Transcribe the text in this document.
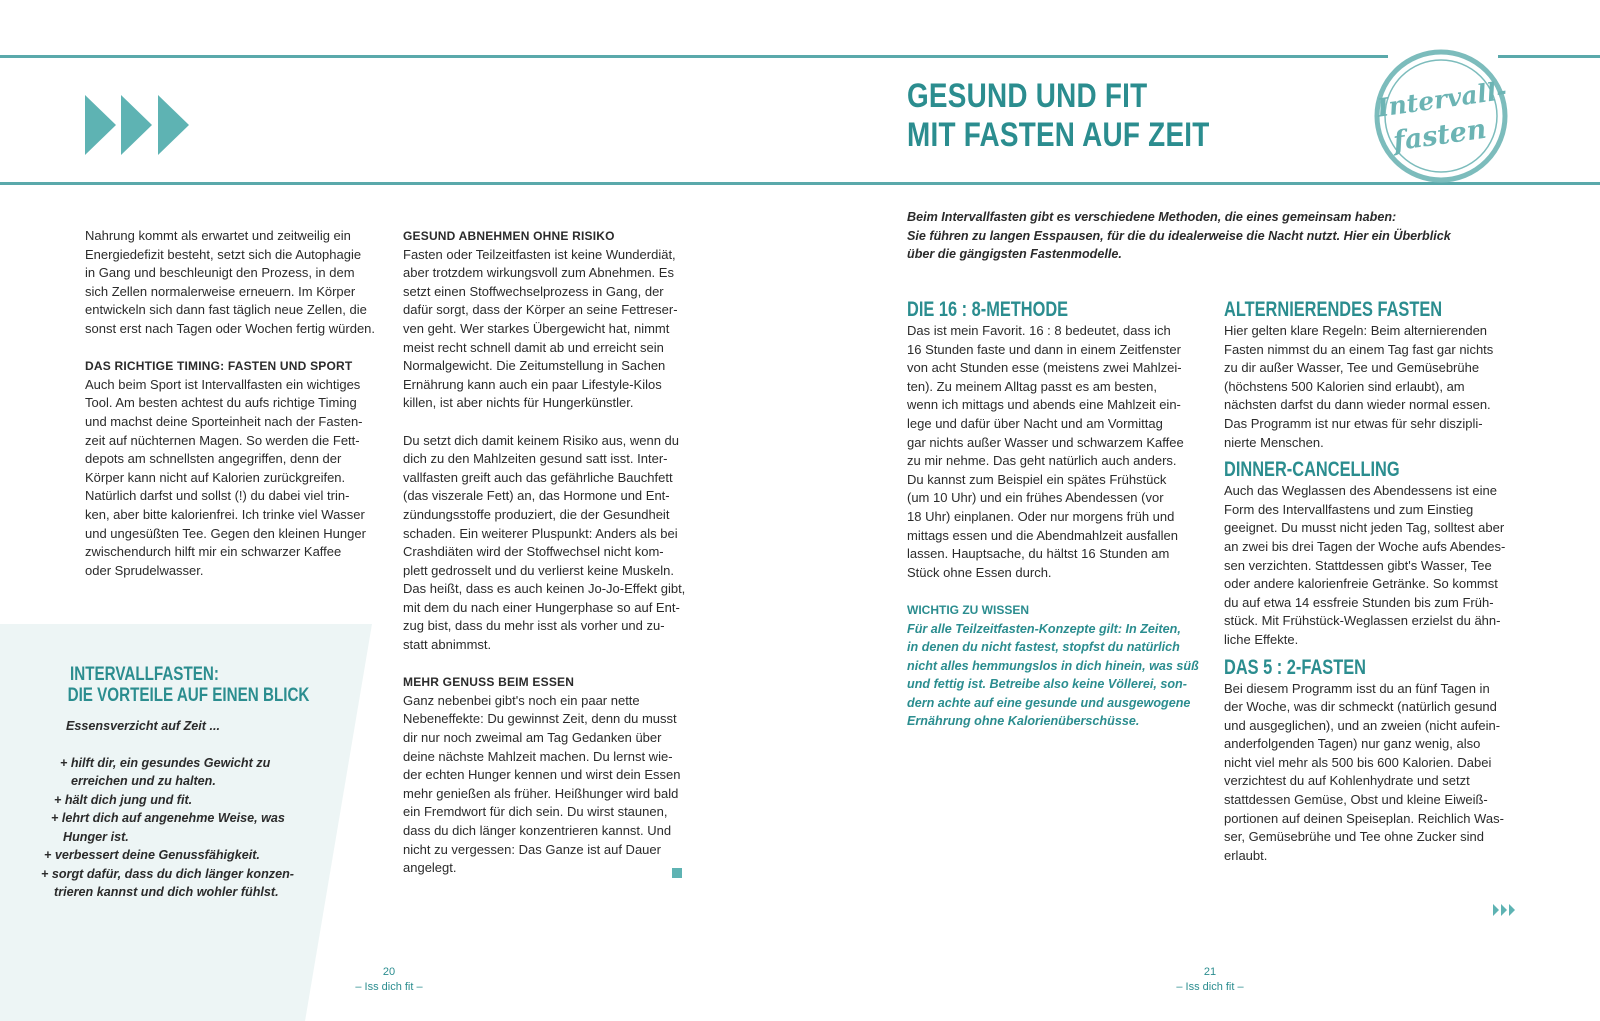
GESUND UND FIT
MIT FASTEN AUF ZEIT
Intervall-
fasten

Nahrung kommt als erwartet und zeitweilig ein
Energiedefizit besteht, setzt sich die Autophagie
in Gang und beschleunigt den Prozess, in dem
sich Zellen normalerweise erneuern. Im Körper
entwickeln sich dann fast täglich neue Zellen, die
sonst erst nach Tagen oder Wochen fertig würden.

DAS RICHTIGE TIMING: FASTEN UND SPORT

Auch beim Sport ist Intervallfasten ein wichtiges
Tool. Am besten achtest du aufs richtige Timing
und machst deine Sporteinheit nach der Fasten-
zeit auf nüchternen Magen. So werden die Fett-
depots am schnellsten angegriffen, denn der
Körper kann nicht auf Kalorien zurückgreifen.
Natürlich darfst und sollst (!) du dabei viel trin-
ken, aber bitte kalorienfrei. Ich trinke viel Wasser
und ungesüßten Tee. Gegen den kleinen Hunger
zwischendurch hilft mir ein schwarzer Kaffee
oder Sprudelwasser.

INTERVALLFASTEN:
DIE VORTEILE AUF EINEN BLICK
Essensverzicht auf Zeit ...
+ hilft dir, ein gesundes Gewicht zu
erreichen und zu halten.
+ hält dich jung und fit.
+ lehrt dich auf angenehme Weise, was
Hunger ist.
+ verbessert deine Genussfähigkeit.
+ sorgt dafür, dass du dich länger konzen-
trieren kannst und dich wohler fühlst.

GESUND ABNEHMEN OHNE RISIKO

Fasten oder Teilzeitfasten ist keine Wunderdiät,
aber trotzdem wirkungsvoll zum Abnehmen. Es
setzt einen Stoffwechselprozess in Gang, der
dafür sorgt, dass der Körper an seine Fettreser-
ven geht. Wer starkes Übergewicht hat, nimmt
meist recht schnell damit ab und erreicht sein
Normalgewicht. Die Zeitumstellung in Sachen
Ernährung kann auch ein paar Lifestyle-Kilos
killen, ist aber nichts für Hungerkünstler.

Du setzt dich damit keinem Risiko aus, wenn du
dich zu den Mahlzeiten gesund satt isst. Inter-
vallfasten greift auch das gefährliche Bauchfett
(das viszerale Fett) an, das Hormone und Ent-
zündungsstoffe produziert, die der Gesundheit
schaden. Ein weiterer Pluspunkt: Anders als bei
Crashdiäten wird der Stoffwechsel nicht kom-
plett gedrosselt und du verlierst keine Muskeln.
Das heißt, dass es auch keinen Jo-Jo-Effekt gibt,
mit dem du nach einer Hungerphase so auf Ent-
zug bist, dass du mehr isst als vorher und zu-
statt abnimmst.

MEHR GENUSS BEIM ESSEN

Ganz nebenbei gibt's noch ein paar nette
Nebeneffekte: Du gewinnst Zeit, denn du musst
dir nur noch zweimal am Tag Gedanken über
deine nächste Mahlzeit machen. Du lernst wie-
der echten Hunger kennen und wirst dein Essen
mehr genießen als früher. Heißhunger wird bald
ein Fremdwort für dich sein. Du wirst staunen,
dass du dich länger konzentrieren kannst. Und
nicht zu vergessen: Das Ganze ist auf Dauer
angelegt.

Beim Intervallfasten gibt es verschiedene Methoden, die eines gemeinsam haben:
Sie führen zu langen Esspausen, für die du idealerweise die Nacht nutzt. Hier ein Überblick
über die gängigsten Fastenmodelle.

DIE 16 : 8-METHODE

Das ist mein Favorit. 16 : 8 bedeutet, dass ich
16 Stunden faste und dann in einem Zeitfenster
von acht Stunden esse (meistens zwei Mahlzei-
ten). Zu meinem Alltag passt es am besten,
wenn ich mittags und abends eine Mahlzeit ein-
lege und dafür über Nacht und am Vormittag
gar nichts außer Wasser und schwarzem Kaffee
zu mir nehme. Das geht natürlich auch anders.
Du kannst zum Beispiel ein spätes Frühstück
(um 10 Uhr) und ein frühes Abendessen (vor
18 Uhr) einplanen. Oder nur morgens früh und
mittags essen und die Abendmahlzeit ausfallen
lassen. Hauptsache, du hältst 16 Stunden am
Stück ohne Essen durch.

WICHTIG ZU WISSEN

Für alle Teilzeitfasten-Konzepte gilt: In Zeiten,
in denen du nicht fastest, stopfst du natürlich
nicht alles hemmungslos in dich hinein, was süß
und fettig ist. Betreibe also keine Völlerei, son-
dern achte auf eine gesunde und ausgewogene
Ernährung ohne Kalorienüberschüsse.

ALTERNIERENDES FASTEN

Hier gelten klare Regeln: Beim alternierenden
Fasten nimmst du an einem Tag fast gar nichts
zu dir außer Wasser, Tee und Gemüsebrühe
(höchstens 500 Kalorien sind erlaubt), am
nächsten darfst du dann wieder normal essen.
Das Programm ist nur etwas für sehr diszipli-
nierte Menschen.

DINNER-CANCELLING

Auch das Weglassen des Abendessens ist eine
Form des Intervallfastens und zum Einstieg
geeignet. Du musst nicht jeden Tag, solltest aber
an zwei bis drei Tagen der Woche aufs Abendes-
sen verzichten. Stattdessen gibt's Wasser, Tee
oder andere kalorienfreie Getränke. So kommst
du auf etwa 14 essfreie Stunden bis zum Früh-
stück. Mit Frühstück-Weglassen erzielst du ähn-
liche Effekte.

DAS 5 : 2-FASTEN

Bei diesem Programm isst du an fünf Tagen in
der Woche, was dir schmeckt (natürlich gesund
und ausgeglichen), und an zweien (nicht aufein-
anderfolgenden Tagen) nur ganz wenig, also
nicht viel mehr als 500 bis 600 Kalorien. Dabei
verzichtest du auf Kohlenhydrate und setzt
stattdessen Gemüse, Obst und kleine Eiweiß-
portionen auf deinen Speiseplan. Reichlich Was-
ser, Gemüsebrühe und Tee ohne Zucker sind
erlaubt.

20
– Iss dich fit –
21
– Iss dich fit –
